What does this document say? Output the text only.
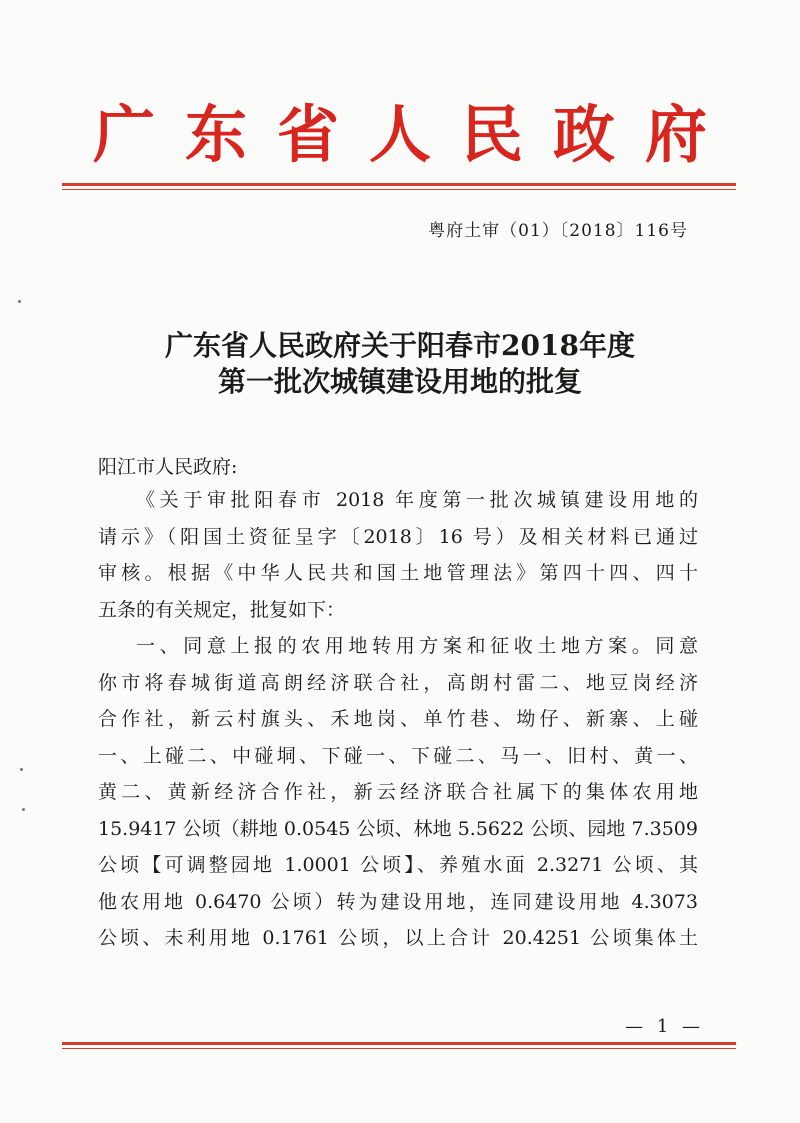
广东省人民政府
粤府土审（01）〔2018〕116号
广东省人民政府关于阳春市2018年度
第一批次城镇建设用地的批复
阳江市人民政府:
《关于审批阳春市 2018 年度第一批次城镇建设用地的
请示》（阳国土资征呈字〔2018〕16 号）及相关材料已通过
审核。根据《中华人民共和国土地管理法》第四十四、四十
五条的有关规定，批复如下：
一、同意上报的农用地转用方案和征收土地方案。同意
你市将春城街道高朗经济联合社，高朗村雷二、地豆岗经济
合作社，新云村旗头、禾地岗、单竹巷、坳仔、新寨、上碰
一、上碰二、中碰垌、下碰一、下碰二、马一、旧村、黄一、
黄二、黄新经济合作社，新云经济联合社属下的集体农用地
15.9417 公顷（耕地 0.0545 公顷、林地 5.5622 公顷、园地 7.3509
公顷【可调整园地 1.0001 公顷】、养殖水面 2.3271 公顷、其
他农用地 0.6470 公顷）转为建设用地，连同建设用地 4.3073
公顷、未利用地 0.1761 公顷，以上合计 20.4251 公顷集体土
— 1 —
